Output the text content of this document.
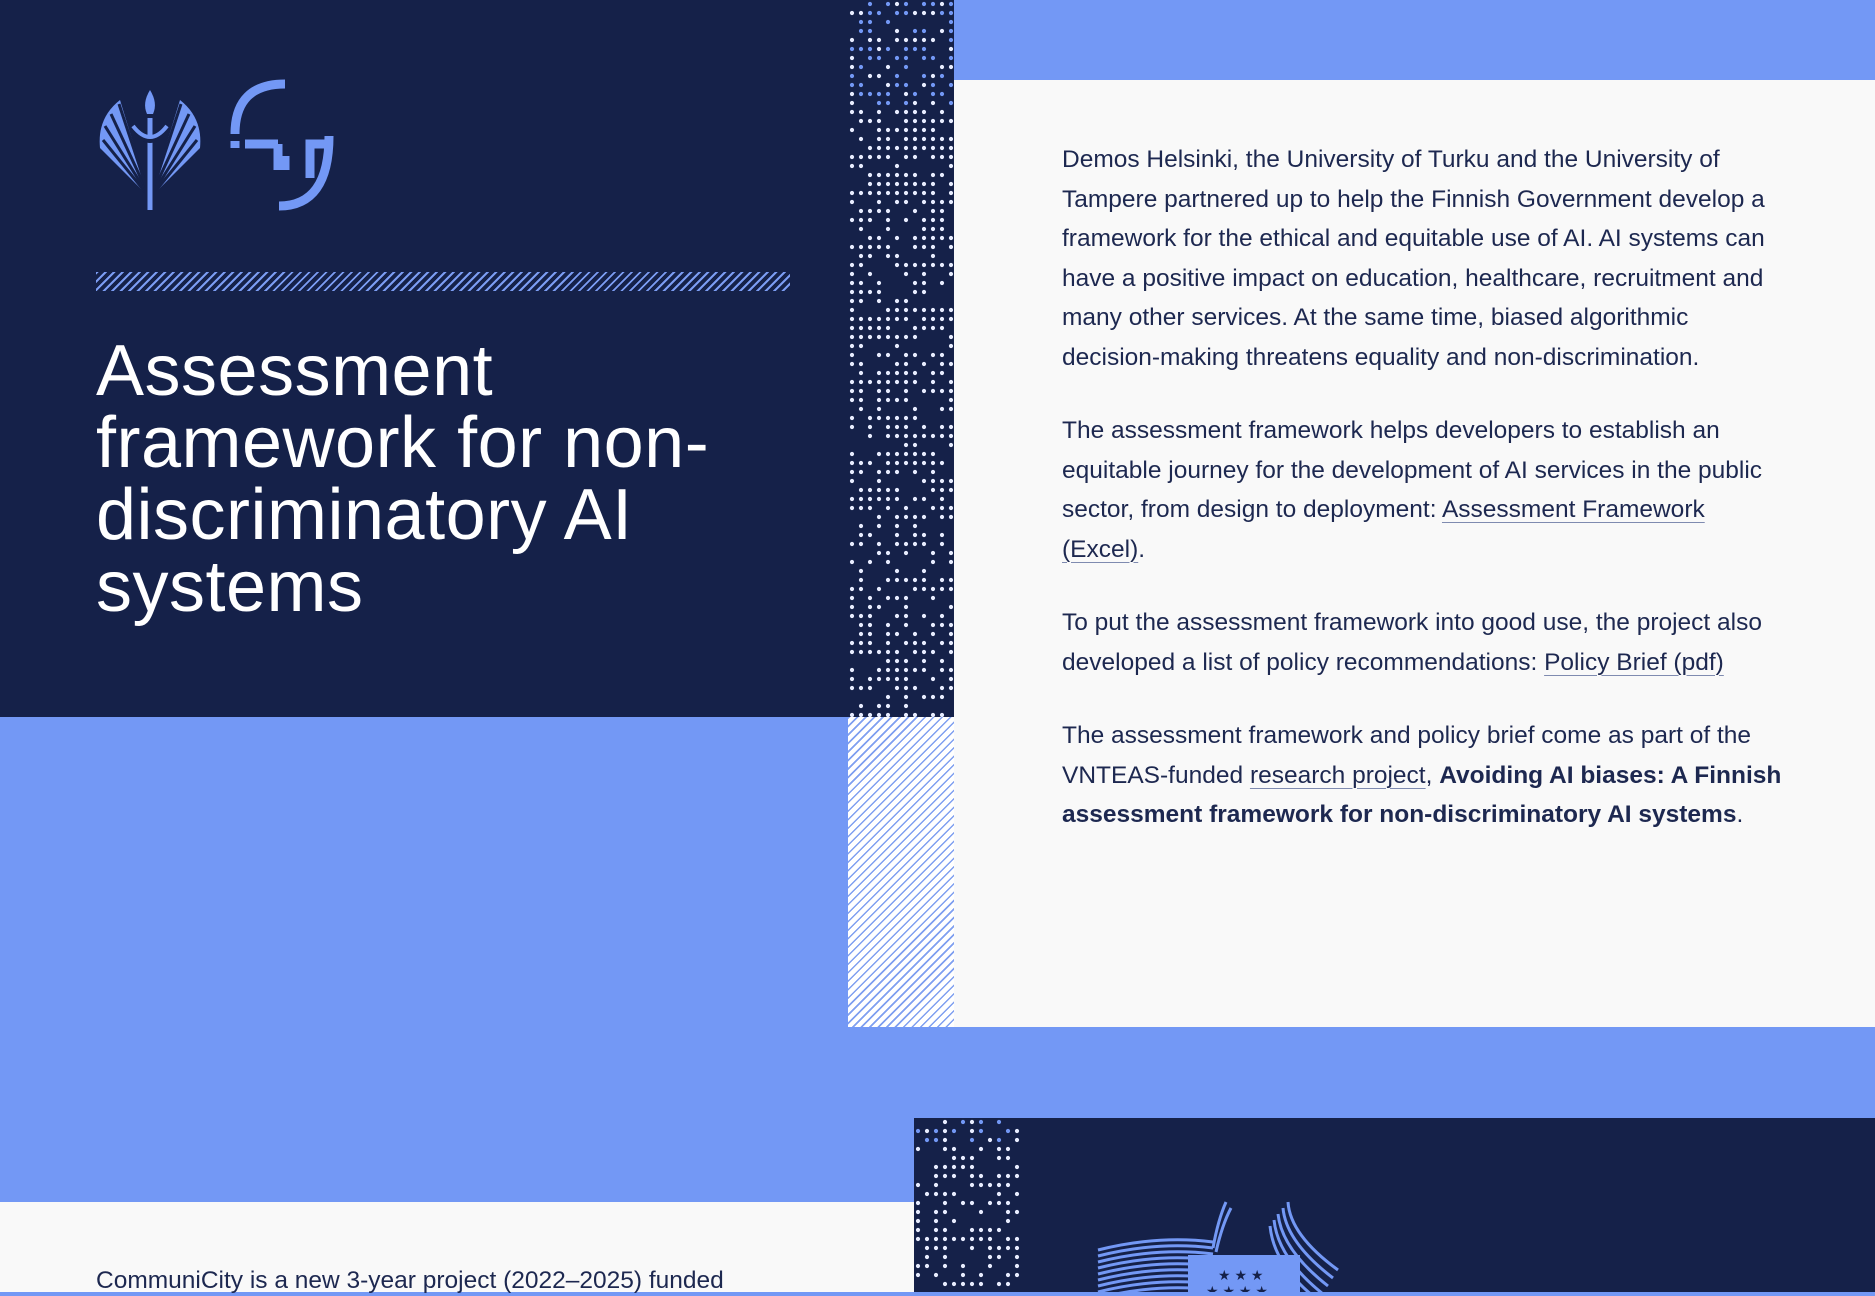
Assessment
framework for non-
discriminatory AI
systems

Demos Helsinki, the University of Turku and the University of Tampere partnered up to help the Finnish Government develop a framework for the ethical and equitable use of AI. AI systems can have a positive impact on education, healthcare, recruitment and many other services. At the same time, biased algorithmic decision-making threatens equality and non-discrimination.

The assessment framework helps developers to establish an equitable journey for the development of AI services in the public sector, from design to deployment: Assessment Framework (Excel).

To put the assessment framework into good use, the project also developed a list of policy recommendations: Policy Brief (pdf)

The assessment framework and policy brief come as part of the VNTEAS-funded research project, Avoiding AI biases: A Finnish assessment framework for non-discriminatory AI systems.

★ ★ ★
★ ★ ★ ★
CommuniCity is a new 3-year project (2022–2025) funded
